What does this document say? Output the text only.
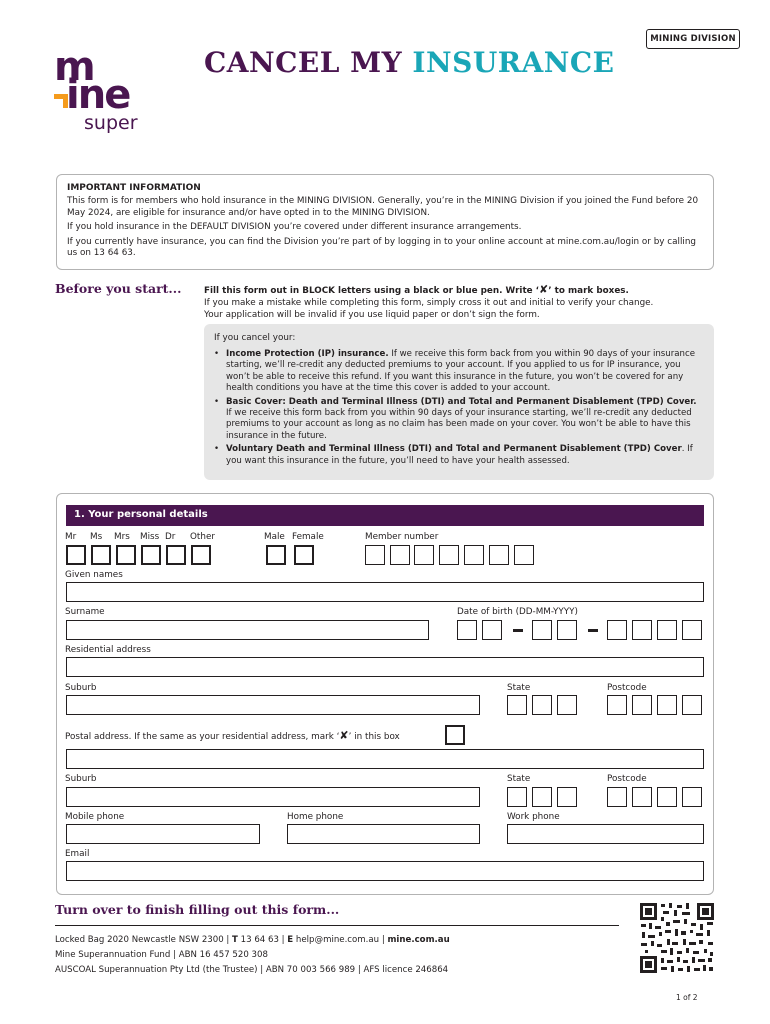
MINING DIVISION
m
ine
super
CANCEL MY INSURANCE
IMPORTANT INFORMATION

This form is for members who hold insurance in the MINING DIVISION. Generally, you’re in the MINING Division if you joined the Fund before 20 May 2024, are eligible for insurance and/or have opted in to the MINING DIVISION.

If you hold insurance in the DEFAULT DIVISION you’re covered under different insurance arrangements.

If you currently have insurance, you can find the Division you’re part of by logging in to your online account at mine.com.au/login or by calling us on 13 64 63.

Before you start...	Fill this form out in BLOCK letters using a black or blue pen. Write ‘✘’ to mark boxes.
If you make a mistake while completing this form, simply cross it out and initial to verify your change.
Your application will be invalid if you use liquid paper or don’t sign the form.
If you cancel your:
• Income Protection (IP) insurance. If we receive this form back from you within 90 days of your insurance starting, we’ll re-credit any deducted premiums to your account. If you applied to us for IP insurance, you won’t be able to receive this refund. If you want this insurance in the future, you won’t be covered for any health conditions you have at the time this cover is added to your account.
• Basic Cover: Death and Terminal Illness (DTI) and Total and Permanent Disablement (TPD) Cover. If we receive this form back from you within 90 days of your insurance starting, we’ll re-credit any deducted premiums to your account as long as no claim has been made on your cover. You won’t be able to have this insurance in the future.
• Voluntary Death and Terminal Illness (DTI) and Total and Permanent Disablement (TPD) Cover. If you want this insurance in the future, you’ll need to have your health assessed.
1. Your personal details
Mr Ms Mrs Miss Dr Other	Male Female	Member number
Given names
Surname	Date of birth (DD-MM-YYYY)
Residential address
Suburb	State	Postcode
Postal address. If the same as your residential address, mark ‘✘’ in this box
Suburb	State	Postcode
Mobile phone	Home phone	Work phone
Email
Turn over to finish filling out this form...
Locked Bag 2020 Newcastle NSW 2300 | T 13 64 63 | E help@mine.com.au | mine.com.au
Mine Superannuation Fund | ABN 16 457 520 308
AUSCOAL Superannuation Pty Ltd (the Trustee) | ABN 70 003 566 989 | AFS licence 246864
1 of 2
